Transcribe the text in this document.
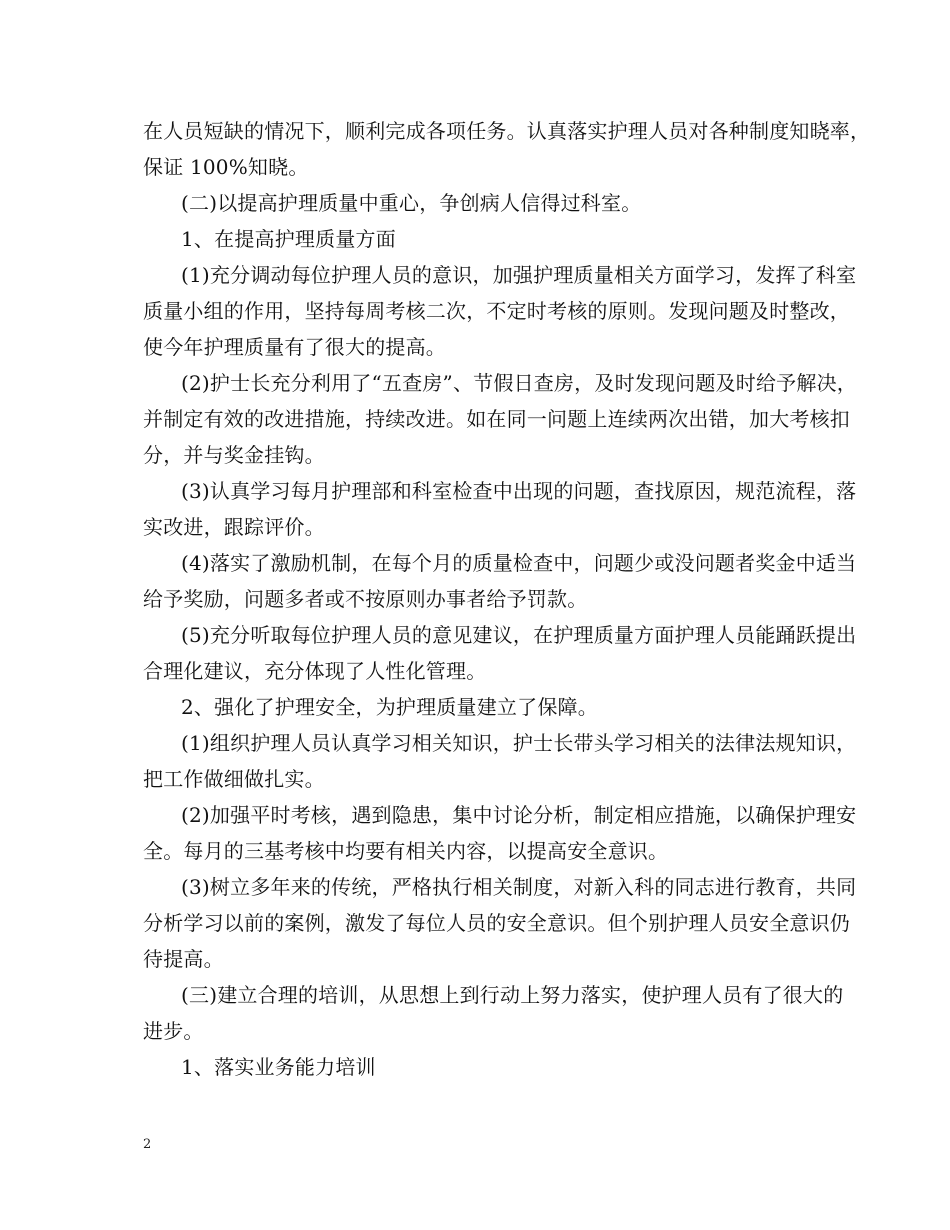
在人员短缺的情况下，顺利完成各项任务。认真落实护理人员对各种制度知晓率，
保证 100%知晓。
(二)以提高护理质量中重心，争创病人信得过科室。
1、在提高护理质量方面
(1)充分调动每位护理人员的意识，加强护理质量相关方面学习，发挥了科室
质量小组的作用，坚持每周考核二次，不定时考核的原则。发现问题及时整改，
使今年护理质量有了很大的提高。
(2)护士长充分利用了“五查房”、节假日查房，及时发现问题及时给予解决，
并制定有效的改进措施，持续改进。如在同一问题上连续两次出错，加大考核扣
分，并与奖金挂钩。
(3)认真学习每月护理部和科室检查中出现的问题，查找原因，规范流程，落
实改进，跟踪评价。
(4)落实了激励机制，在每个月的质量检查中，问题少或没问题者奖金中适当
给予奖励，问题多者或不按原则办事者给予罚款。
(5)充分听取每位护理人员的意见建议，在护理质量方面护理人员能踊跃提出
合理化建议，充分体现了人性化管理。
2、强化了护理安全，为护理质量建立了保障。
(1)组织护理人员认真学习相关知识，护士长带头学习相关的法律法规知识，
把工作做细做扎实。
(2)加强平时考核，遇到隐患，集中讨论分析，制定相应措施，以确保护理安
全。每月的三基考核中均要有相关内容，以提高安全意识。
(3)树立多年来的传统，严格执行相关制度，对新入科的同志进行教育，共同
分析学习以前的案例，激发了每位人员的安全意识。但个别护理人员安全意识仍
待提高。
(三)建立合理的培训，从思想上到行动上努力落实，使护理人员有了很大的
进步。
1、落实业务能力培训
2
